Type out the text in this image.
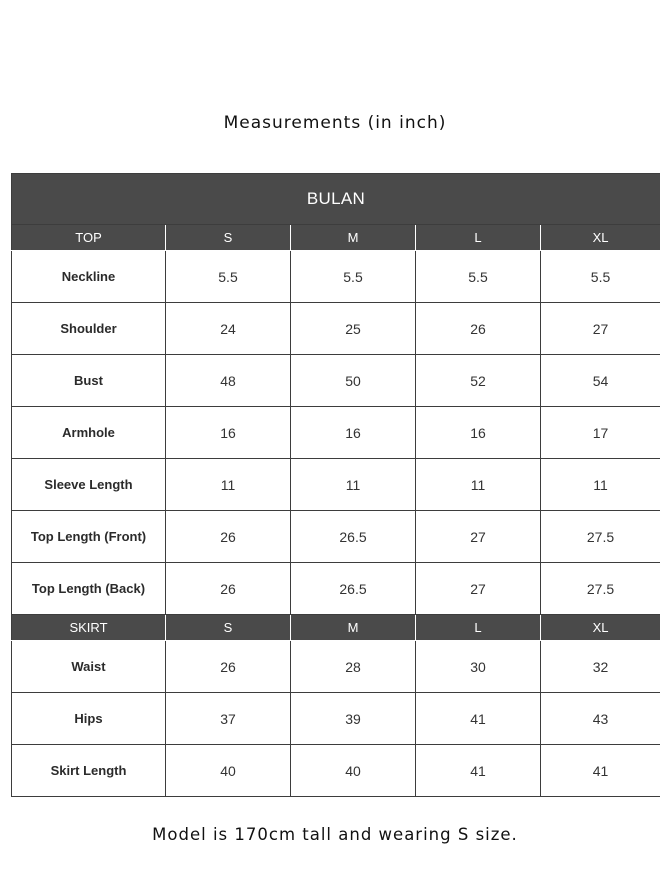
Measurements (in inch)
BULAN				
TOP	S	M	L	XL
Neckline	5.5	5.5	5.5	5.5
Shoulder	24	25	26	27
Bust	48	50	52	54
Armhole	16	16	16	17
Sleeve Length	11	11	11	11
Top Length (Front)	26	26.5	27	27.5
Top Length (Back)	26	26.5	27	27.5
SKIRT	S	M	L	XL
Waist	26	28	30	32
Hips	37	39	41	43
Skirt Length	40	40	41	41
Model is 170cm tall and wearing S size.
